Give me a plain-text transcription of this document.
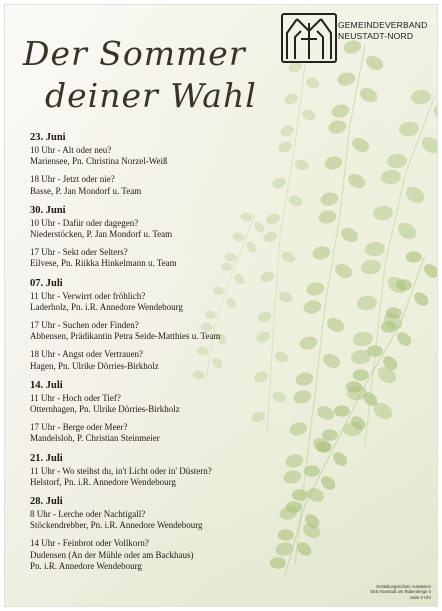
GEMEINDEVERBAND
NEUSTADT-NORD
Der Sommer
deiner Wahl
23. Juni
10 Uhr - Alt oder neu?
Mariensee, Pn. Christina Norzel-Weiß
18 Uhr - Jetzt oder nie?
Basse, P. Jan Mondorf u. Team
30. Juni
10 Uhr - Dafür oder dagegen?
Niederstöcken, P. Jan Mondorf u. Team
17 Uhr - Sekt oder Selters?
Eilvese, Pn. Riikka Hinkelmann u. Team
07. Juli
11 Uhr - Verwirrt oder fröhlich?
Laderholz, Pn. i.R. Annedore Wendebourg
17 Uhr - Suchen oder Finden?
Abbensen, Prädikantin Petra Seide-Matthies u. Team
18 Uhr - Angst oder Vertrauen?
Hagen, Pn. Ulrike Dörries-Birkholz
14. Juli
11 Uhr - Hoch oder Tief?
Otternhagen, Pn. Ulrike Dörries-Birkholz
17 Uhr - Berge oder Meer?
Mandelsloh, P. Christian Steinmeier
21. Juli
11 Uhr - Wo steihst du, in't Licht oder in' Düstern?
Helstorf, Pn. i.R. Annedore Wendebourg
28. Juli
8 Uhr - Lerche oder Nachtigall?
Stöckendrebber, Pn. i.R. Annedore Wendebourg
14 Uhr - Feinbrot oder Vollkorn?
Dudensen (An der Mühle oder am Backhaus)
Pn. i.R. Annedore Wendebourg
Gestaltungsschutz Aussteiten
SSS Neustadt am Rübenberge 0
Seite 0 Uhr
